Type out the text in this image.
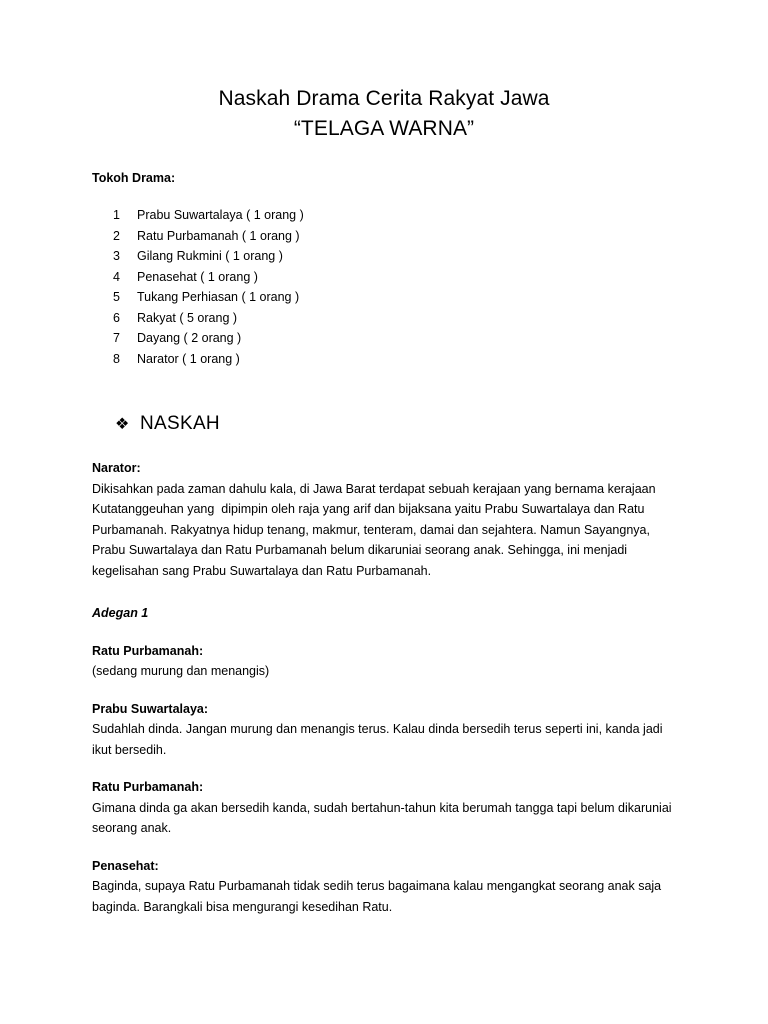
Naskah Drama Cerita Rakyat Jawa
“TELAGA WARNA”
Tokoh Drama:
1	Prabu Suwartalaya ( 1 orang )
2	Ratu Purbamanah ( 1 orang )
3	Gilang Rukmini ( 1 orang )
4	Penasehat ( 1 orang )
5	Tukang Perhiasan ( 1 orang )
6	Rakyat ( 5 orang )
7	Dayang ( 2 orang )
8	Narator ( 1 orang )
❖ NASKAH
Narator:
Dikisahkan pada zaman dahulu kala, di Jawa Barat terdapat sebuah kerajaan yang bernama kerajaan Kutatanggeuhan yang  dipimpin oleh raja yang arif dan bijaksana yaitu Prabu Suwartalaya dan Ratu Purbamanah. Rakyatnya hidup tenang, makmur, tenteram, damai dan sejahtera. Namun Sayangnya, Prabu Suwartalaya dan Ratu Purbamanah belum dikaruniai seorang anak. Sehingga, ini menjadi kegelisahan sang Prabu Suwartalaya dan Ratu Purbamanah.
Adegan 1
Ratu Purbamanah:
(sedang murung dan menangis)
Prabu Suwartalaya:
Sudahlah dinda. Jangan murung dan menangis terus. Kalau dinda bersedih terus seperti ini, kanda jadi ikut bersedih.
Ratu Purbamanah:
Gimana dinda ga akan bersedih kanda, sudah bertahun-tahun kita berumah tangga tapi belum dikaruniai seorang anak.
Penasehat:
Baginda, supaya Ratu Purbamanah tidak sedih terus bagaimana kalau mengangkat seorang anak saja baginda. Barangkali bisa mengurangi kesedihan Ratu.
